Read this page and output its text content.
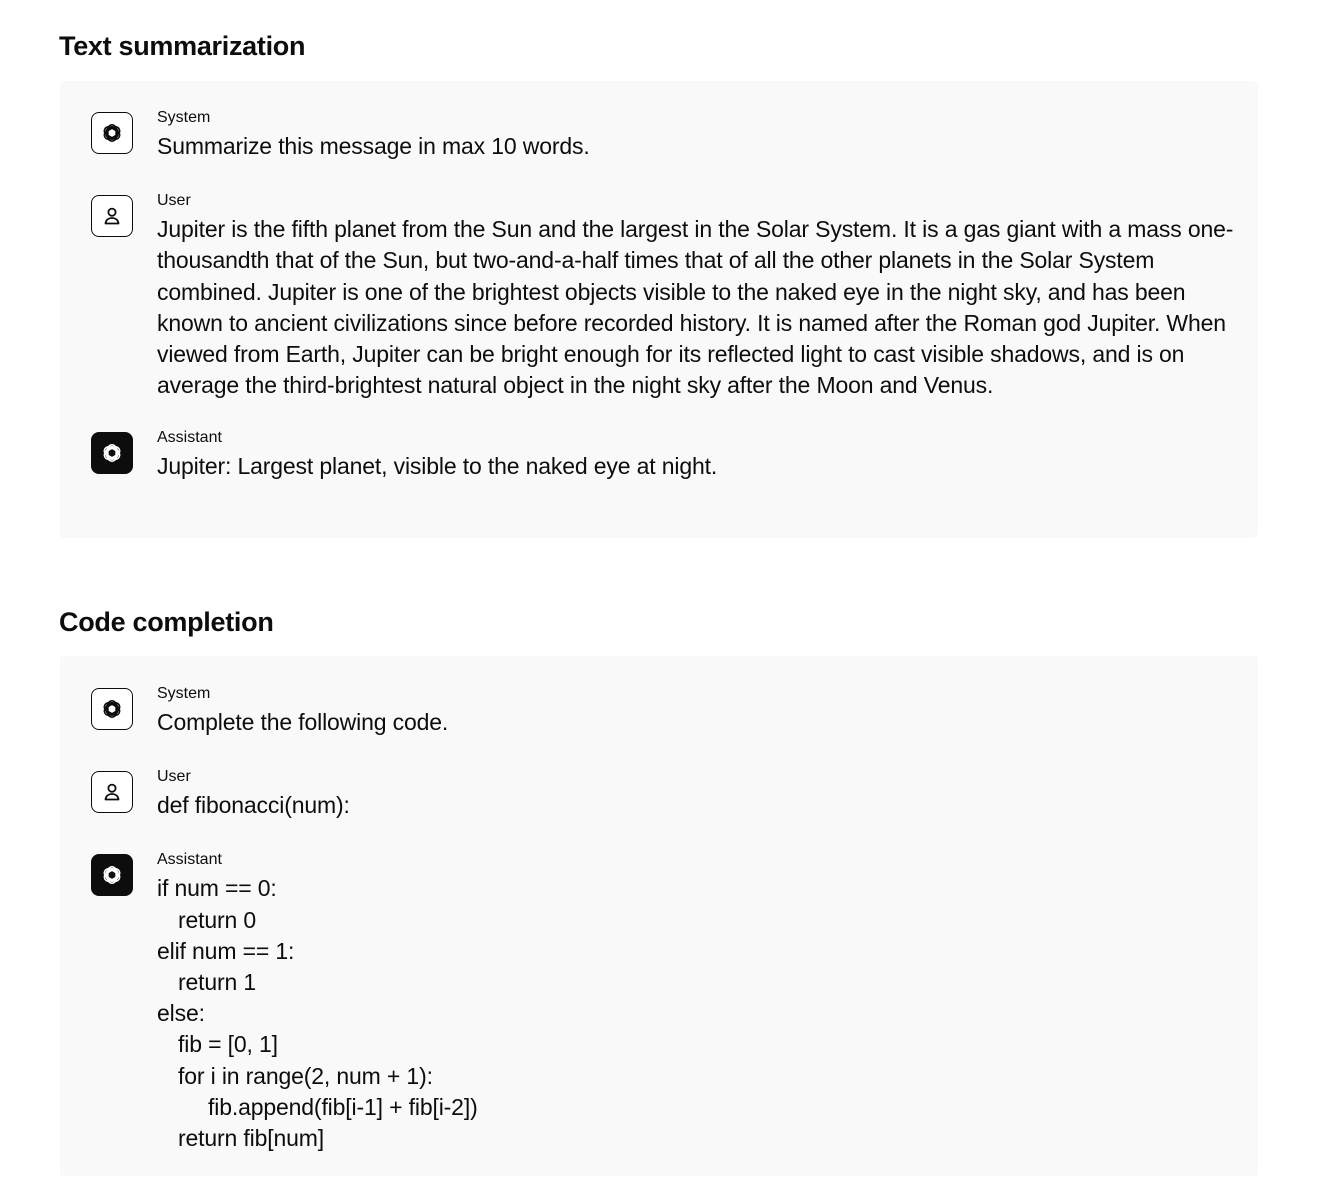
Text summarization
System
Summarize this message in max 10 words.
User
Jupiter is the fifth planet from the Sun and the largest in the Solar System. It is a gas giant with a mass one-thousandth that of the Sun, but two-and-a-half times that of all the other planets in the Solar System combined. Jupiter is one of the brightest objects visible to the naked eye in the night sky, and has been known to ancient civilizations since before recorded history. It is named after the Roman god Jupiter. When viewed from Earth, Jupiter can be bright enough for its reflected light to cast visible shadows, and is on average the third-brightest natural object in the night sky after the Moon and Venus.
Assistant
Jupiter: Largest planet, visible to the naked eye at night.
Code completion
System
Complete the following code.
User
def fibonacci(num):
Assistant
if num == 0:
return 0
elif num == 1:
return 1
else:
fib = [0, 1]
for i in range(2, num + 1):
fib.append(fib[i-1] + fib[i-2])
return fib[num]
